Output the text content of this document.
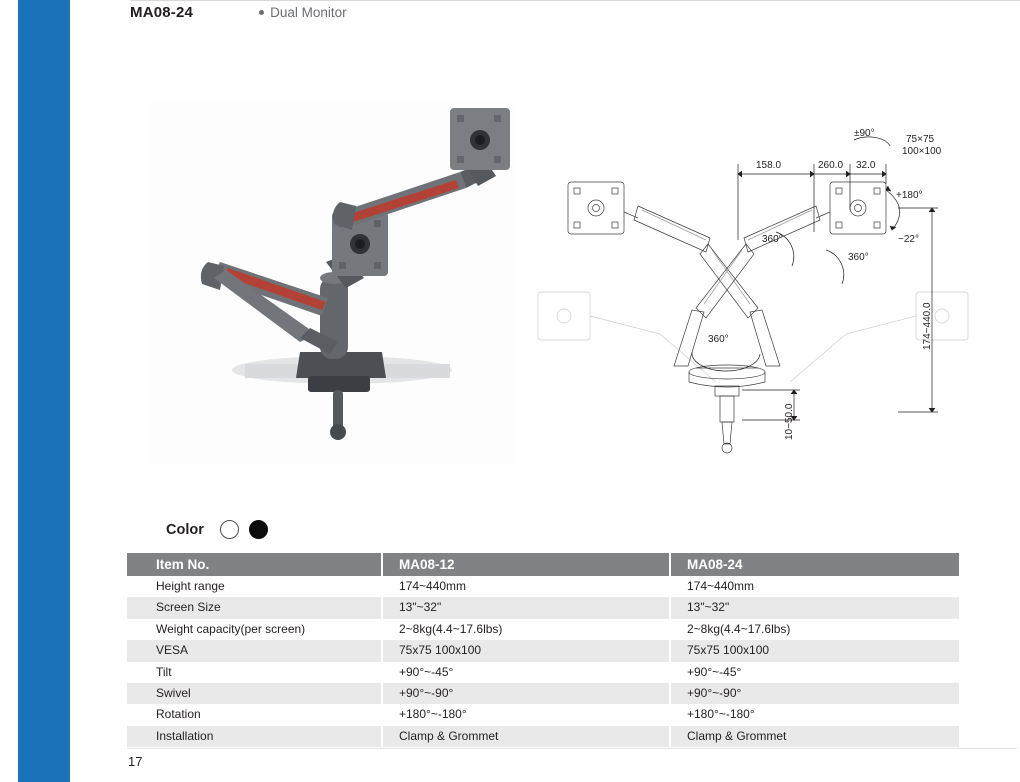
MA08-24	Dual Monitor
158.0	260.0 32.0
174~440.0
10~50.0
±90°
+180°
−22°
360°
360°
360°
75×75
100×100
Color
Item No.	MA08-12	MA08-24
Height range	174~440mm	174~440mm
Screen Size	13"~32"	13"~32"
Weight capacity(per screen)	2~8kg(4.4~17.6lbs)	2~8kg(4.4~17.6lbs)
VESA	75x75 100x100	75x75 100x100
Tilt	+90°~-45°	+90°~-45°
Swivel	+90°~-90°	+90°~-90°
Rotation	+180°~-180°	+180°~-180°
Installation	Clamp & Grommet	Clamp & Grommet
17
